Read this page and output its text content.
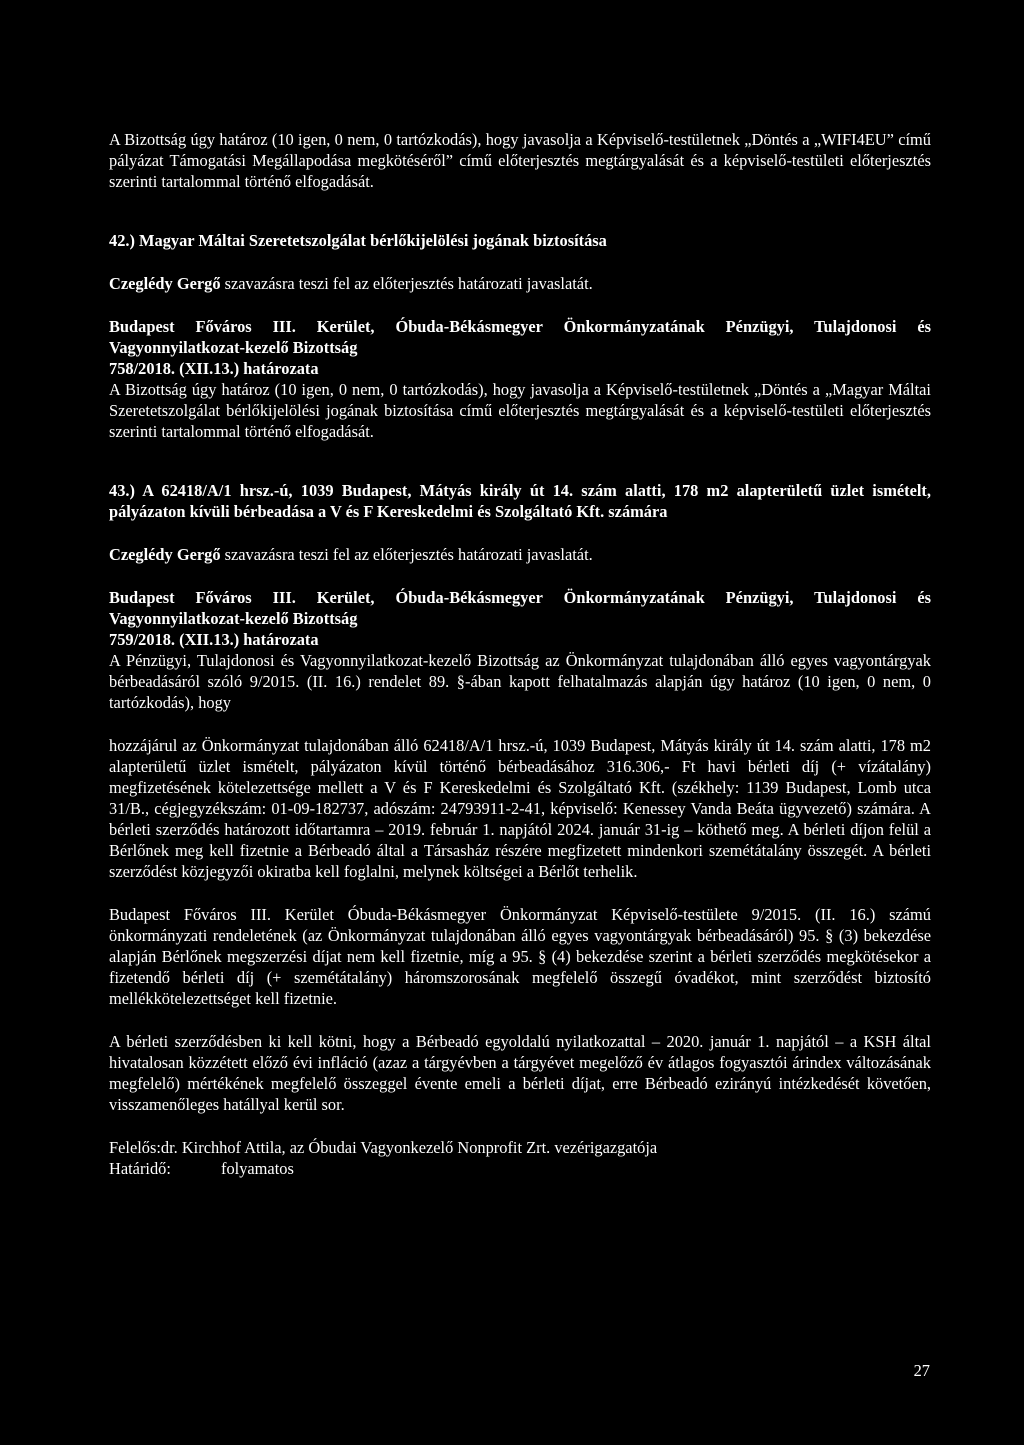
A Bizottság úgy határoz (10 igen, 0 nem, 0 tartózkodás), hogy javasolja a Képviselő-testületnek „Döntés a „WIFI4EU” című pályázat Támogatási Megállapodása megkötéséről” című előterjesztés megtárgyalását és a képviselő-testületi előterjesztés szerinti tartalommal történő elfogadását.

42.) Magyar Máltai Szeretetszolgálat bérlőkijelölési jogának biztosítása

Czeglédy Gergő szavazásra teszi fel az előterjesztés határozati javaslatát.

Budapest Főváros III. Kerület, Óbuda-Békásmegyer Önkormányzatának Pénzügyi, Tulajdonosi és Vagyonnyilatkozat-kezelő Bizottság

758/2018. (XII.13.) határozata

A Bizottság úgy határoz (10 igen, 0 nem, 0 tartózkodás), hogy javasolja a Képviselő-testületnek „Döntés a „Magyar Máltai Szeretetszolgálat bérlőkijelölési jogának biztosítása című előterjesztés megtárgyalását és a képviselő-testületi előterjesztés szerinti tartalommal történő elfogadását.

43.) A 62418/A/1 hrsz.-ú, 1039 Budapest, Mátyás király út 14. szám alatti, 178 m2 alapterületű üzlet ismételt, pályázaton kívüli bérbeadása a V és F Kereskedelmi és Szolgáltató Kft. számára

Czeglédy Gergő szavazásra teszi fel az előterjesztés határozati javaslatát.

Budapest Főváros III. Kerület, Óbuda-Békásmegyer Önkormányzatának Pénzügyi, Tulajdonosi és Vagyonnyilatkozat-kezelő Bizottság

759/2018. (XII.13.) határozata

A Pénzügyi, Tulajdonosi és Vagyonnyilatkozat-kezelő Bizottság az Önkormányzat tulajdonában álló egyes vagyontárgyak bérbeadásáról szóló 9/2015. (II. 16.) rendelet 89. §-ában kapott felhatalmazás alapján úgy határoz (10 igen, 0 nem, 0 tartózkodás), hogy

hozzájárul az Önkormányzat tulajdonában álló 62418/A/1 hrsz.-ú, 1039 Budapest, Mátyás király út 14. szám alatti, 178 m2 alapterületű üzlet ismételt, pályázaton kívül történő bérbeadásához 316.306,- Ft havi bérleti díj (+ vízátalány) megfizetésének kötelezettsége mellett a V és F Kereskedelmi és Szolgáltató Kft. (székhely: 1139 Budapest, Lomb utca 31/B., cégjegyzékszám: 01-09-182737, adószám: 24793911-2-41, képviselő: Kenessey Vanda Beáta ügyvezető) számára. A bérleti szerződés határozott időtartamra – 2019. február 1. napjától 2024. január 31-ig – köthető meg. A bérleti díjon felül a Bérlőnek meg kell fizetnie a Bérbeadó által a Társasház részére megfizetett mindenkori szemétátalány összegét. A bérleti szerződést közjegyzői okiratba kell foglalni, melynek költségei a Bérlőt terhelik.

Budapest Főváros III. Kerület Óbuda-Békásmegyer Önkormányzat Képviselő-testülete 9/2015. (II. 16.) számú önkormányzati rendeletének (az Önkormányzat tulajdonában álló egyes vagyontárgyak bérbeadásáról) 95. § (3) bekezdése alapján Bérlőnek megszerzési díjat nem kell fizetnie, míg a 95. § (4) bekezdése szerint a bérleti szerződés megkötésekor a fizetendő bérleti díj (+ szemétátalány) háromszorosának megfelelő összegű óvadékot, mint szerződést biztosító mellékkötelezettséget kell fizetnie.

A bérleti szerződésben ki kell kötni, hogy a Bérbeadó egyoldalú nyilatkozattal – 2020. január 1. napjától – a KSH által hivatalosan közzétett előző évi infláció (azaz a tárgyévben a tárgyévet megelőző év átlagos fogyasztói árindex változásának megfelelő) mértékének megfelelő összeggel évente emeli a bérleti díjat, erre Bérbeadó ezirányú intézkedését követően, visszamenőleges hatállyal kerül sor.

Felelős: dr. Kirchhof Attila, az Óbudai Vagyonkezelő Nonprofit Zrt. vezérigazgatója
Határidő:	folyamatos
27
